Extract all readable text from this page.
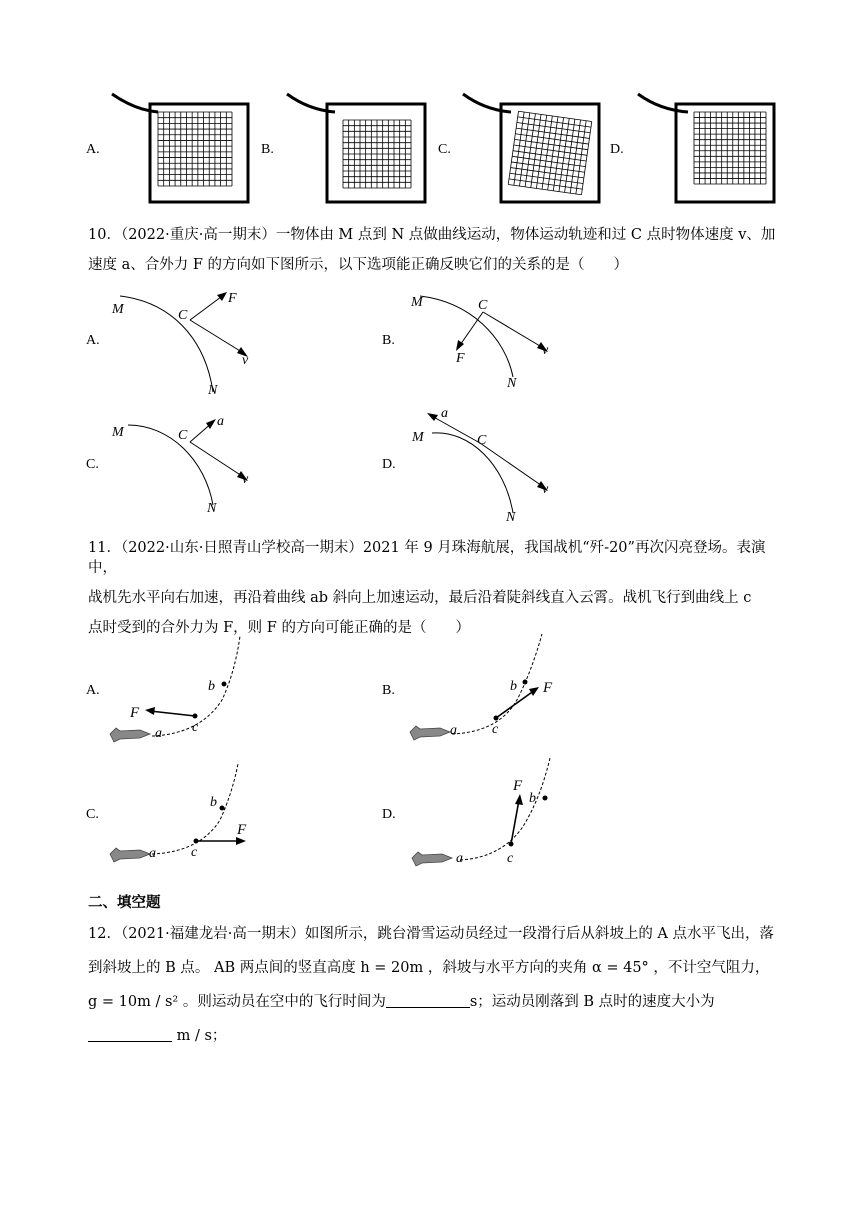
A.	B.	C.	D.
10．（2022·重庆·高一期末）一物体由 M 点到 N 点做曲线运动，物体运动轨迹和过 C 点时物体速度 v、加
速度 a、合外力 F 的方向如下图所示，以下选项能正确反映它们的关系的是（　　）
A.
M	C
F
v
N
B.
M	C
F
v
N
C.
M	C
a
v
N
D.
M	C
a
v
N
11．（2022·山东·日照青山学校高一期末）2021 年 9 月珠海航展，我国战机“歼-20”再次闪亮登场。表演中，
战机先水平向右加速，再沿着曲线 ab 斜向上加速运动，最后沿着陡斜线直入云霄。战机飞行到曲线上 c
点时受到的合外力为 F，则 F 的方向可能正确的是（　　）
A.
F
a c
b	B.	F
a	c
b
C.
F
a	c
b
D.
F
a	c
b
二、填空题
12．（2021·福建龙岩·高一期末）如图所示，跳台滑雪运动员经过一段滑行后从斜坡上的 A 点水平飞出，落
到斜坡上的 B 点。 AB 两点间的竖直高度 h = 20m ，斜坡与水平方向的夹角 α = 45° ，不计空气阻力，
g = 10m / s² 。则运动员在空中的飞行时间为	s；运动员刚落到 B 点时的速度大小为
m / s；
